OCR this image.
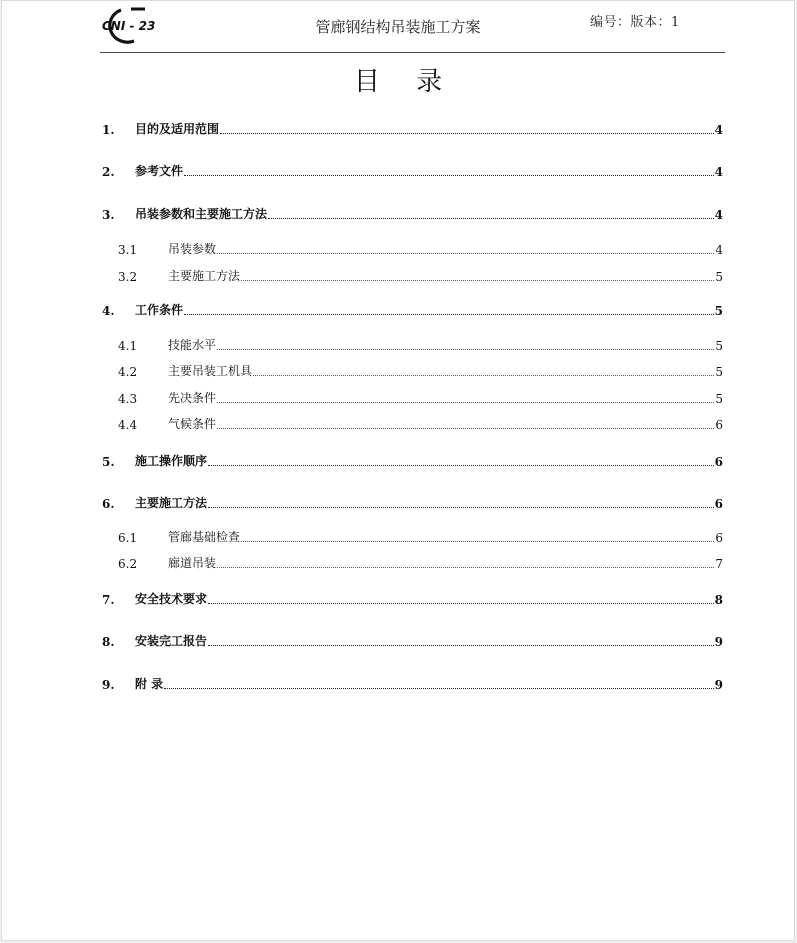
CNI - 23	管廊钢结构吊装施工方案	编号：版本：1
目 录
1.	目的及适用范围	4
2.	参考文件	4
3.	吊装参数和主要施工方法	4
3.1	吊装参数	4
3.2	主要施工方法	5
4.	工作条件	5
4.1	技能水平	5
4.2	主要吊装工机具	5
4.3	先决条件	5
4.4	气候条件	6
5.	施工操作顺序	6
6.	主要施工方法	6
6.1	管廊基础检查	6
6.2	廊道吊装	7
7.	安全技术要求	8
8.	安装完工报告	9
9.	附 录	9
